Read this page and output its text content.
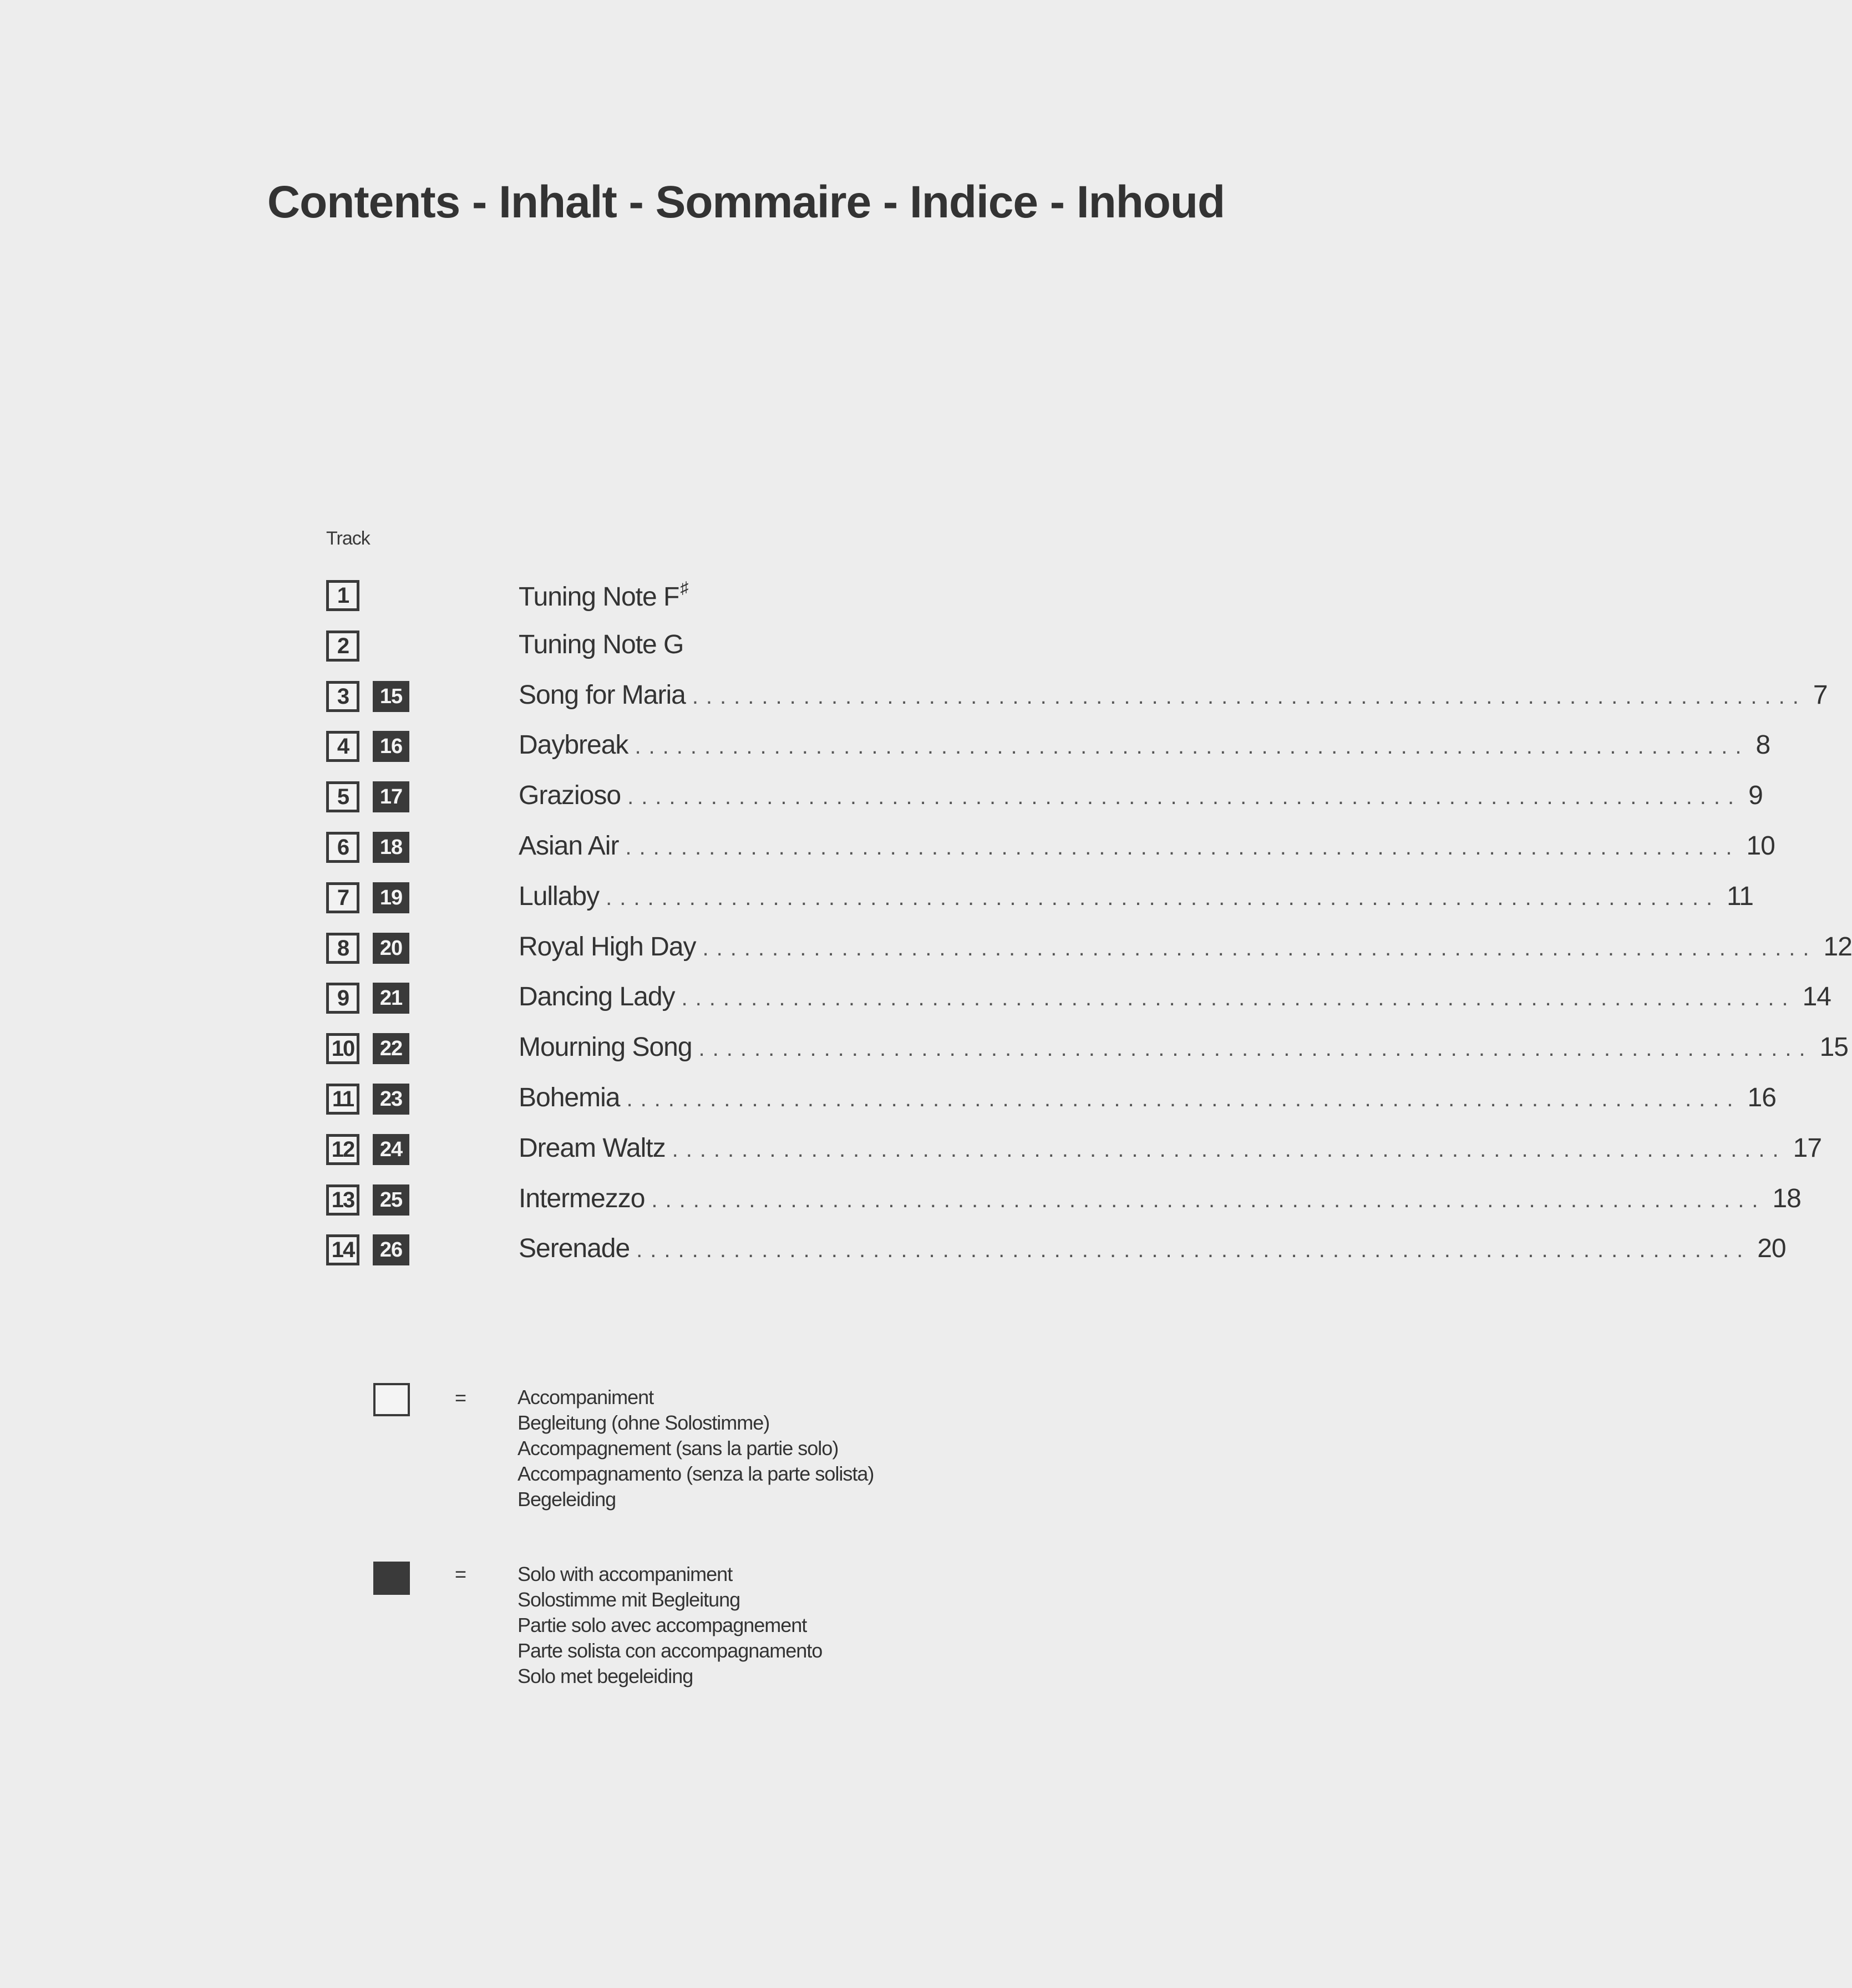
Contents - Inhalt - Sommaire - Indice - Inhoud
Track
1	Tuning Note F♯
2	Tuning Note G
3	15	Song for Maria ................................................................................ 7
4	16	Daybreak ................................................................................ 8
5	17	Grazioso ................................................................................ 9
6	18	Asian Air ................................................................................ 10
7	19	Lullaby ................................................................................ 11
8	20	Royal High Day ................................................................................ 12
9	21	Dancing Lady ................................................................................ 14
10	22	Mourning Song ................................................................................ 15
11	23	Bohemia ................................................................................ 16
12	24	Dream Waltz ................................................................................ 17
13	25	Intermezzo ................................................................................ 18
14	26	Serenade ................................................................................ 20
=	Accompaniment
Begleitung (ohne Solostimme)
Accompagnement (sans la partie solo)
Accompagnamento (senza la parte solista)
Begeleiding
=	Solo with accompaniment
Solostimme mit Begleitung
Partie solo avec accompagnement
Parte solista con accompagnamento
Solo met begeleiding
